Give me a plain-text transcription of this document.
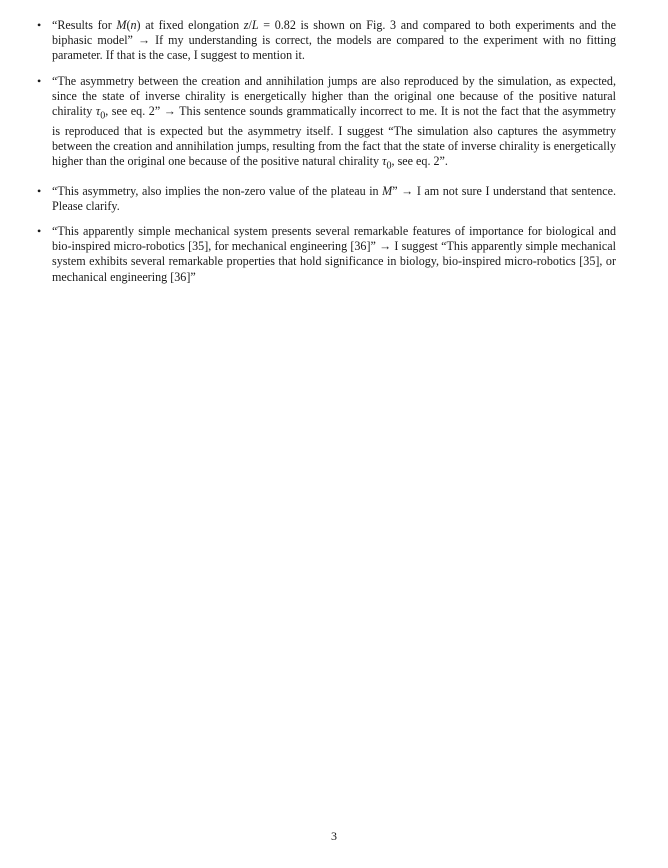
• “Results for M(n) at fixed elongation z/L = 0.82 is shown on Fig. 3 and compared to both experiments and the biphasic model” → If my understanding is correct, the models are compared to the experiment with no fitting parameter. If that is the case, I suggest to mention it.
• “The asymmetry between the creation and annihilation jumps are also reproduced by the simulation, as expected, since the state of inverse chirality is energetically higher than the original one because of the positive natural chirality $\tau_0$, see eq. 2” → This sentence sounds grammatically incorrect to me. It is not the fact that the asymmetry is reproduced that is expected but the asymmetry itself. I suggest “The simulation also captures the asymmetry between the creation and annihilation jumps, resulting from the fact that the state of inverse chirality is energetically higher than the original one because of the positive natural chirality $\tau_0$, see eq. 2”.
• “This asymmetry, also implies the non-zero value of the plateau in M” → I am not sure I understand that sentence. Please clarify.
• “This apparently simple mechanical system presents several remarkable features of importance for biological and bio-inspired micro-robotics [35], for mechanical engineering [36]” → I suggest “This apparently simple mechanical system exhibits several remarkable properties that hold significance in biology, bio-inspired micro-robotics [35], or mechanical engineering [36]”
3
